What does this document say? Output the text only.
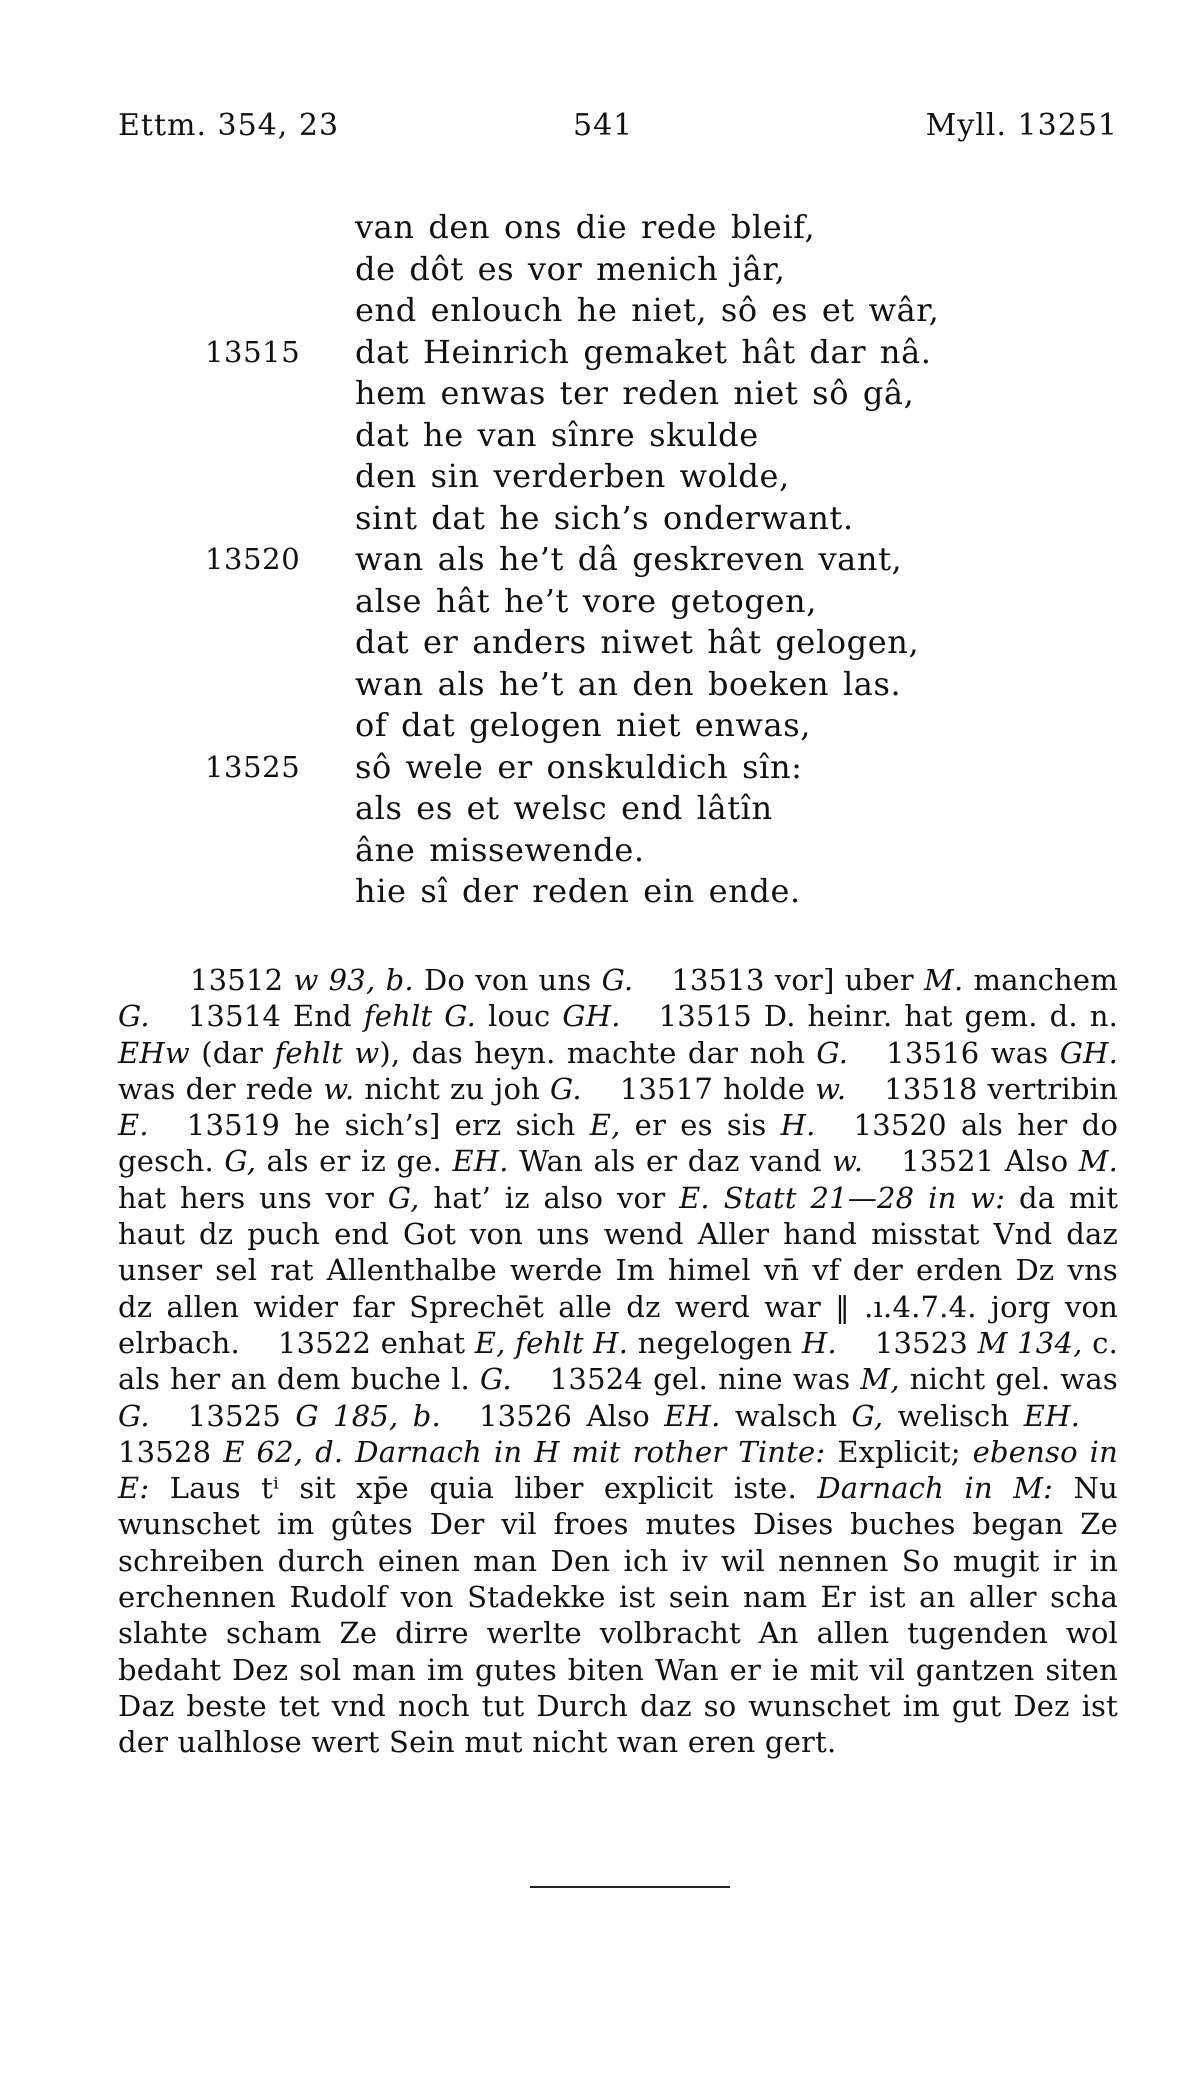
Ettm. 354, 23	541	Myll. 13251
van den ons die rede bleif,
de dôt es vor menich jâr,
end enlouch he niet, sô es et wâr,
13515	dat Heinrich gemaket hât dar nâ.
hem enwas ter reden niet sô gâ,
dat he van sînre skulde
den sin verderben wolde,
sint dat he sich’s onderwant.
13520	wan als he’t dâ geskreven vant,
alse hât he’t vore getogen,
dat er anders niwet hât gelogen,
wan als he’t an den boeken las.
of dat gelogen niet enwas,
13525	sô wele er onskuldich sîn:
als es et welsc end lâtîn
âne missewende.
hie sî der reden ein ende.

13512 w 93, b. Do von uns G. 13513 vor] uber M. manchem G. 13514 End fehlt G. louc GH. 13515 D. heinr. hat gem. d. n. EHw (dar fehlt w), das heyn. machte dar noh G. 13516 was GH. was der rede w. nicht zu joh G. 13517 holde w. 13518 vertribin E. 13519 he sich’s] erz sich E, er es sis H. 13520 als her do gesch. G, als er iz ge. EH. Wan als er daz vand w. 13521 Also M. hat hers uns vor G, hat’ iz also vor E. Statt 21—28 in w: da mit haut dz puch end Got von uns wend Aller hand misstat Vnd daz unser sel rat Allenthalbe werde Im himel vn̄ vf der erden Dz vns dz allen wider far Sprechēt alle dz werd war ‖ .ı.4.7.4. jorg von elrbach. 13522 enhat E, fehlt H. negelogen H. 13523 M 134, c. als her an dem buche l. G. 13524 gel. nine was M, nicht gel. was G. 13525 G 185, b. 13526 Also EH. walsch G, welisch EH.13528 E 62, d. Darnach in H mit rother Tinte: Explicit; ebenso in E: Laus tⁱ sit xp̄e quia liber explicit iste. Darnach in M: Nu wunschet im gûtes Der vil froes mutes Dises buches began Ze schreiben durch einen man Den ich iv wil nennen So mugit ir in erchennen Rudolf von Stadekke ist sein nam Er ist an aller scha slahte scham Ze dirre werlte volbracht An allen tugenden wol bedaht Dez sol man im gutes biten Wan er ie mit vil gantzen siten Daz beste tet vnd noch tut Durch daz so wunschet im gut Dez ist der ualhlose wert Sein mut nicht wan eren gert.
